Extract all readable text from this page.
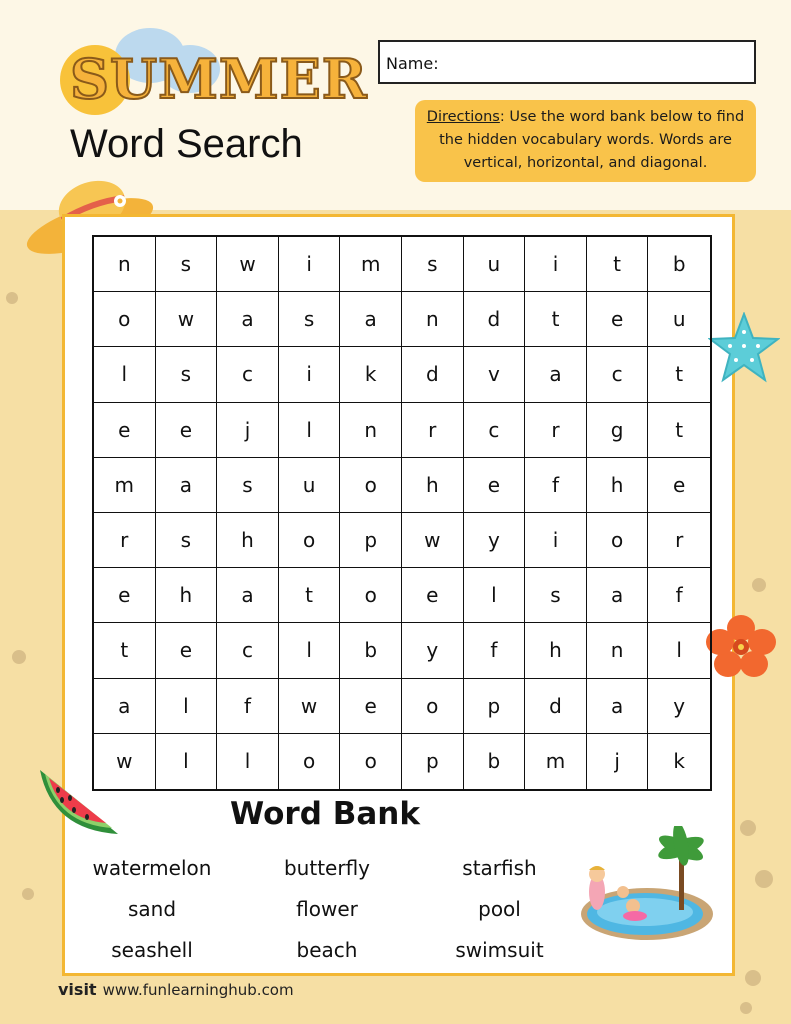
SUMMER
Word Search
Name:
Directions: Use the word bank below to find the hidden vocabulary words. Words are vertical, horizontal, and diagonal.
n	s	w	i	m	s	u	i	t	b
o	w	a	s	a	n	d	t	e	u
l	s	c	i	k	d	v	a	c	t
e	e	j	l	n	r	c	r	g	t
m	a	s	u	o	h	e	f	h	e
r	s	h	o	p	w	y	i	o	r
e	h	a	t	o	e	l	s	a	f
t	e	c	l	b	y	f	h	n	l
a	l	f	w	e	o	p	d	a	y
w	l	l	o	o	p	b	m	j	k
Word Bank
watermelon	butterfly	starfish
sand	flower	pool
seashell	beach	swimsuit
visit www.funlearninghub.com
